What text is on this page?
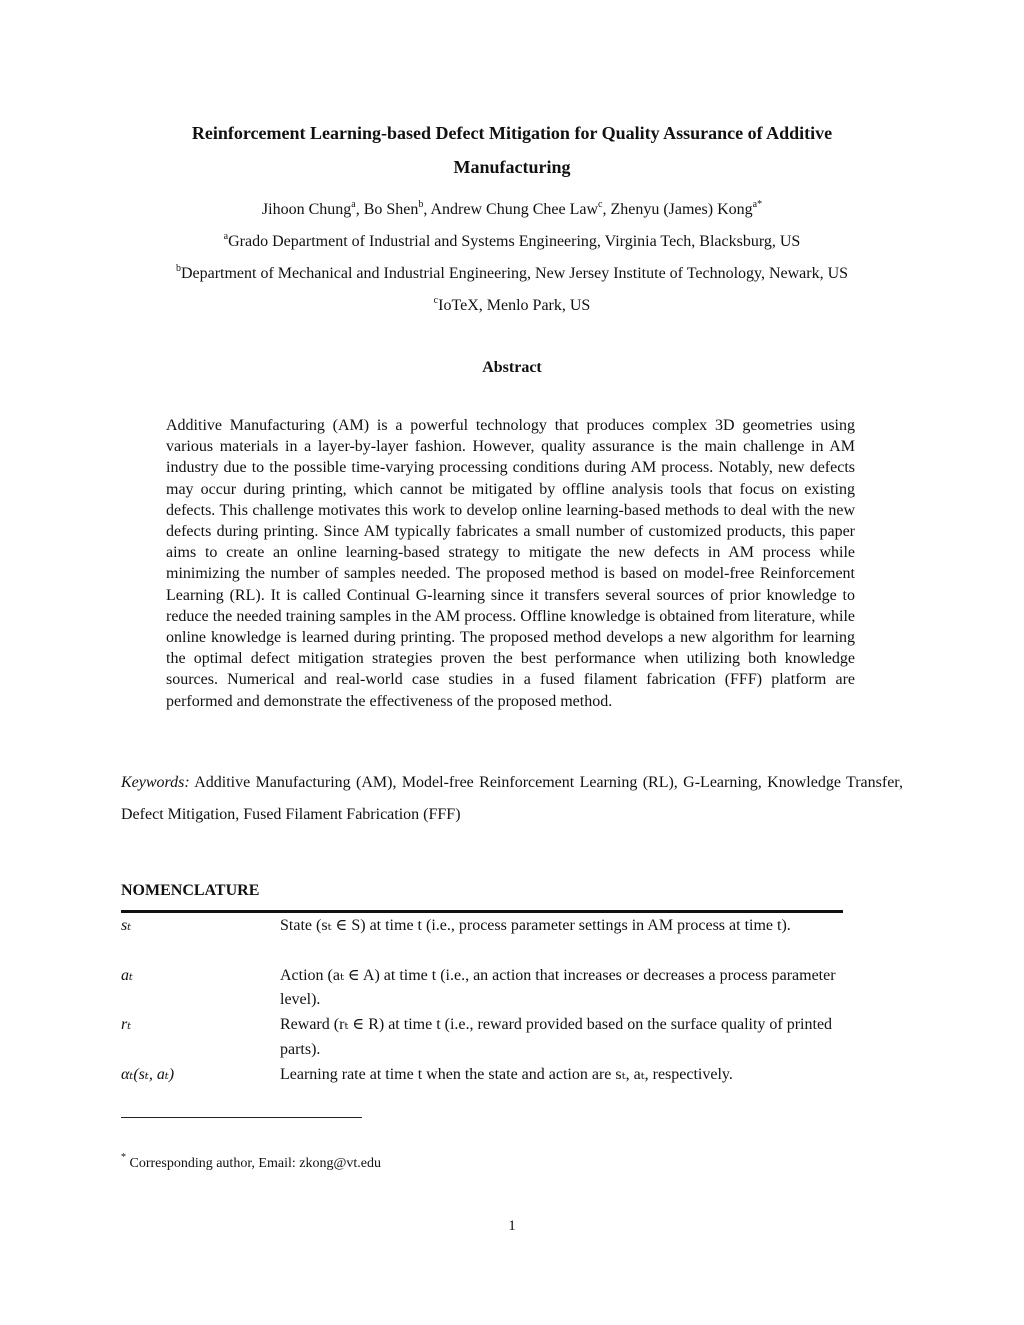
Reinforcement Learning-based Defect Mitigation for Quality Assurance of Additive
Manufacturing
Jihoon Chung$^a$, Bo Shen$^b$, Andrew Chung Chee Law$^c$, Zhenyu (James) Kong$^{a*}$
$^a$Grado Department of Industrial and Systems Engineering, Virginia Tech, Blacksburg, US
$^b$Department of Mechanical and Industrial Engineering, New Jersey Institute of Technology, Newark, US
$^c$IoTeX, Menlo Park, US
Abstract
Additive Manufacturing (AM) is a powerful technology that produces complex 3D geometries using various materials in a layer-by-layer fashion. However, quality assurance is the main challenge in AM industry due to the possible time-varying processing conditions during AM process. Notably, new defects may occur during printing, which cannot be mitigated by offline analysis tools that focus on existing defects. This challenge motivates this work to develop online learning-based methods to deal with the new defects during printing. Since AM typically fabricates a small number of customized products, this paper aims to create an online learning-based strategy to mitigate the new defects in AM process while minimizing the number of samples needed. The proposed method is based on model-free Reinforcement Learning (RL). It is called Continual G-learning since it transfers several sources of prior knowledge to reduce the needed training samples in the AM process. Offline knowledge is obtained from literature, while online knowledge is learned during printing. The proposed method develops a new algorithm for learning the optimal defect mitigation strategies proven the best performance when utilizing both knowledge sources. Numerical and real-world case studies in a fused filament fabrication (FFF) platform are performed and demonstrate the effectiveness of the proposed method.
Keywords: Additive Manufacturing (AM), Model-free Reinforcement Learning (RL), G-Learning, Knowledge Transfer, Defect Mitigation, Fused Filament Fabrication (FFF)
NOMENCLATURE
sₜ	State (sₜ ∈ S) at time t (i.e., process parameter settings in AM process at time t).
aₜ	Action (aₜ ∈ A) at time t (i.e., an action that increases or decreases a process parameter level).
rₜ	Reward (rₜ ∈ R) at time t (i.e., reward provided based on the surface quality of printed parts).
αₜ(sₜ, aₜ)	Learning rate at time t when the state and action are sₜ, aₜ, respectively.
* Corresponding author, Email: zkong@vt.edu
1
